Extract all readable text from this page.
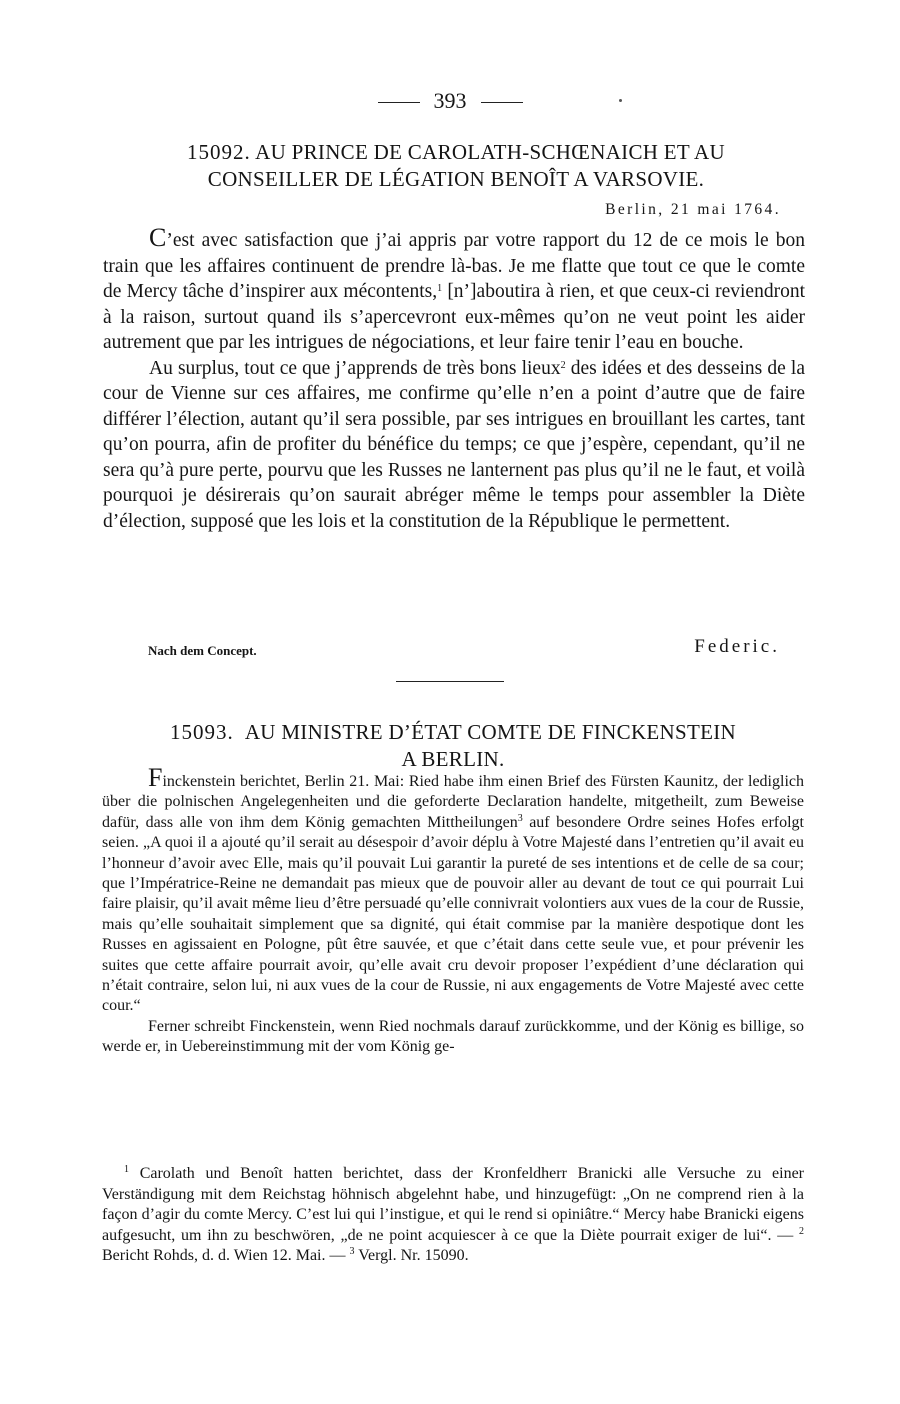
393
15092. AU PRINCE DE CAROLATH-SCHŒNAICH ET AU CONSEILLER DE LÉGATION BENOÎT A VARSOVIE.
Berlin, 21 mai 1764.

C’est avec satisfaction que j’ai appris par votre rapport du 12 de ce mois le bon train que les affaires continuent de prendre là-bas. Je me flatte que tout ce que le comte de Mercy tâche d’inspirer aux mécontents,$^1$ [n’]aboutira à rien, et que ceux-ci reviendront à la raison, surtout quand ils s’apercevront eux-mêmes qu’on ne veut point les aider autrement que par les intrigues de négociations, et leur faire tenir l’eau en bouche.

Au surplus, tout ce que j’apprends de très bons lieux$^2$ des idées et des desseins de la cour de Vienne sur ces affaires, me confirme qu’elle n’en a point d’autre que de faire différer l’élection, autant qu’il sera possible, par ses intrigues en brouillant les cartes, tant qu’on pourra, afin de profiter du bénéfice du temps; ce que j’espère, cependant, qu’il ne sera qu’à pure perte, pourvu que les Russes ne lanternent pas plus qu’il ne le faut, et voilà pourquoi je désirerais qu’on saurait abréger même le temps pour assembler la Diète d’élection, supposé que les lois et la constitution de la République le permettent.

Nach dem Concept.	Federic.
15093. AU MINISTRE D’ÉTAT COMTE DE FINCKENSTEIN
A BERLIN.

Finckenstein berichtet, Berlin 21. Mai: Ried habe ihm einen Brief des Fürsten Kaunitz, der lediglich über die polnischen Angelegenheiten und die geforderte Declaration handelte, mitgetheilt, zum Beweise dafür, dass alle von ihm dem König gemachten Mittheilungen$^3$ auf besondere Ordre seines Hofes erfolgt seien. „A quoi il a ajouté qu’il serait au désespoir d’avoir déplu à Votre Majesté dans l’entretien qu’il avait eu l’honneur d’avoir avec Elle, mais qu’il pouvait Lui garantir la pureté de ses intentions et de celle de sa cour; que l’Impératrice-Reine ne demandait pas mieux que de pouvoir aller au devant de tout ce qui pourrait Lui faire plaisir, qu’il avait même lieu d’être persuadé qu’elle connivrait volontiers aux vues de la cour de Russie, mais qu’elle souhaitait simplement que sa dignité, qui était commise par la manière despotique dont les Russes en agissaient en Pologne, pût être sauvée, et que c’était dans cette seule vue, et pour prévenir les suites que cette affaire pourrait avoir, qu’elle avait cru devoir proposer l’expédient d’une déclaration qui n’était contraire, selon lui, ni aux vues de la cour de Russie, ni aux engagements de Votre Majesté avec cette cour.“

Ferner schreibt Finckenstein, wenn Ried nochmals darauf zurückkomme, und der König es billige, so werde er, in Uebereinstimmung mit der vom König ge-

$^1$ Carolath und Benoît hatten berichtet, dass der Kronfeldherr Branicki alle Versuche zu einer Verständigung mit dem Reichstag höhnisch abgelehnt habe, und hinzugefügt: „On ne comprend rien à la façon d’agir du comte Mercy. C’est lui qui l’instigue, et qui le rend si opiniâtre.“ Mercy habe Branicki eigens aufgesucht, um ihn zu beschwören, „de ne point acquiescer à ce que la Diète pourrait exiger de lui“. — $^2$ Bericht Rohds, d. d. Wien 12. Mai. — $^3$ Vergl. Nr. 15090.
